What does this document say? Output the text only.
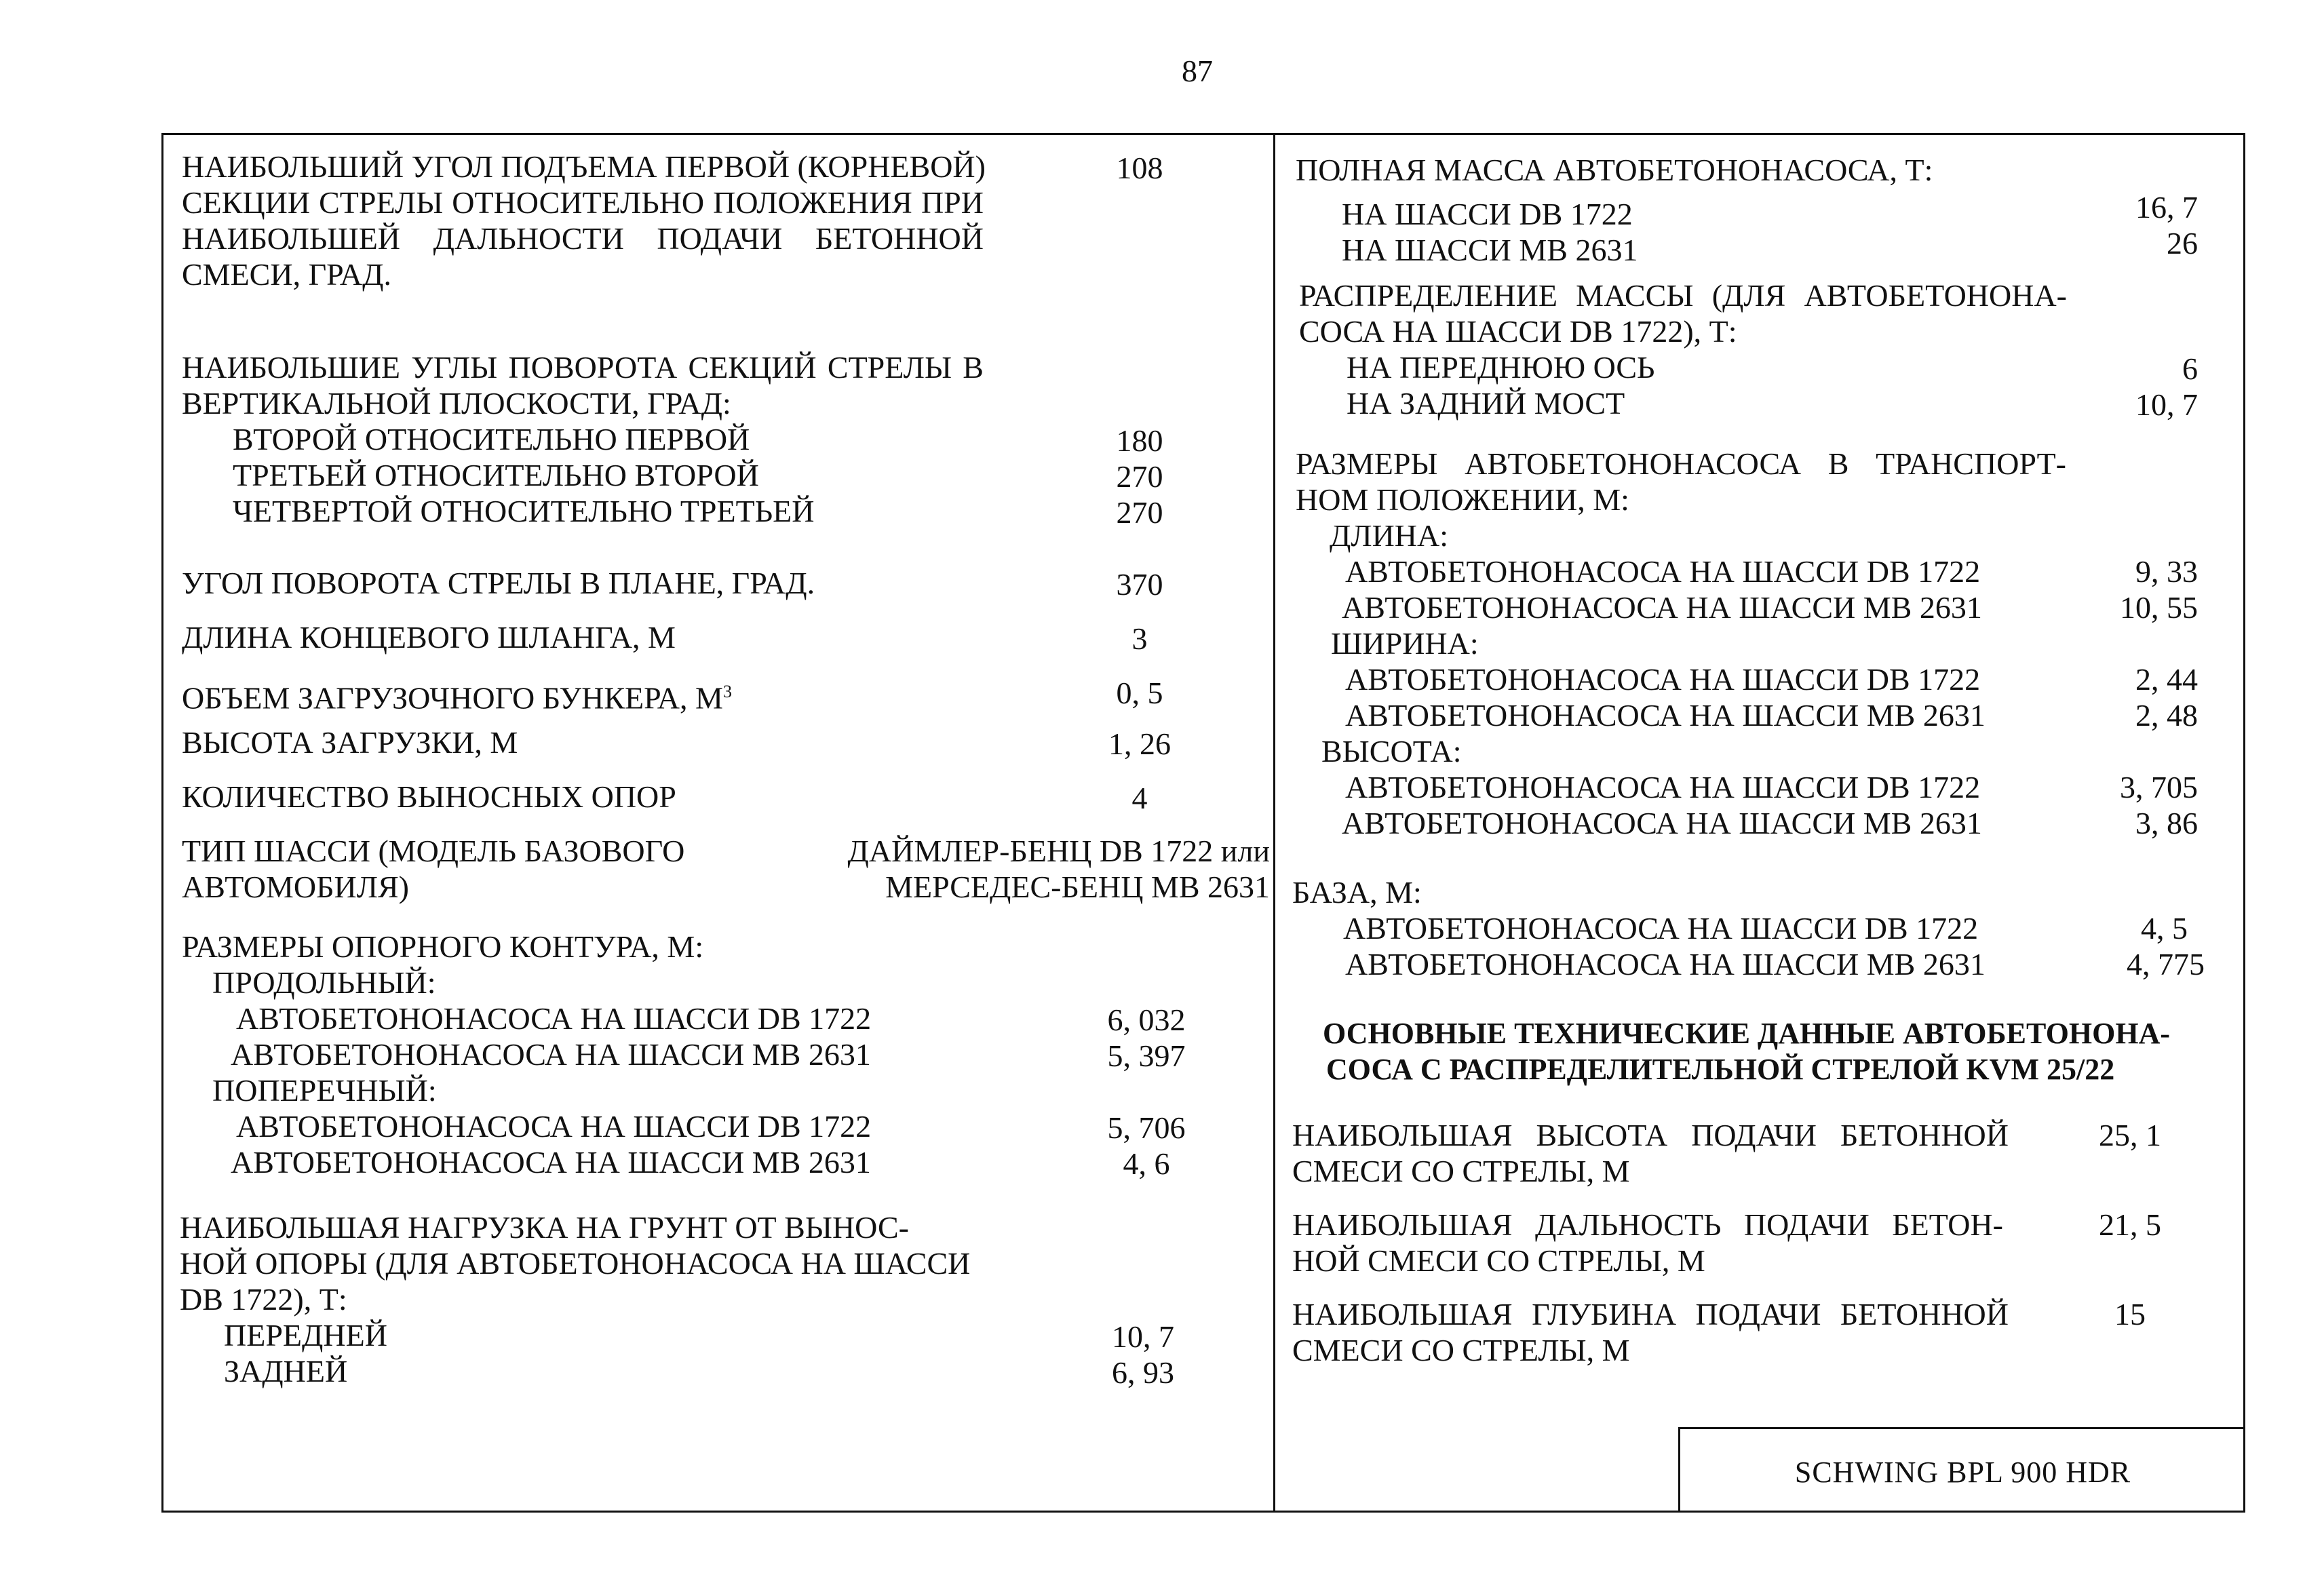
87
НАИБОЛЬШИЙ УГОЛ ПОДЪЕМА ПЕРВОЙ (КОРНЕВОЙ)
СЕКЦИИ СТРЕЛЫ ОТНОСИТЕЛЬНО ПОЛОЖЕНИЯ ПРИ
НАИБОЛЬШЕЙ ДАЛЬНОСТИ ПОДАЧИ БЕТОННОЙ
СМЕСИ, ГРАД.
108
НАИБОЛЬШИЕ УГЛЫ ПОВОРОТА СЕКЦИЙ СТРЕЛЫ В
ВЕРТИКАЛЬНОЙ ПЛОСКОСТИ, ГРАД:
ВТОРОЙ ОТНОСИТЕЛЬНО ПЕРВОЙ	180
ТРЕТЬЕЙ ОТНОСИТЕЛЬНО ВТОРОЙ	270
ЧЕТВЕРТОЙ ОТНОСИТЕЛЬНО ТРЕТЬЕЙ	270
УГОЛ ПОВОРОТА СТРЕЛЫ В ПЛАНЕ, ГРАД.	370
ДЛИНА КОНЦЕВОГО ШЛАНГА, М	3
ОБЪЕМ ЗАГРУЗОЧНОГО БУНКЕРА, $М^3$	0, 5
ВЫСОТА ЗАГРУЗКИ, М	1, 26
КОЛИЧЕСТВО ВЫНОСНЫХ ОПОР	4
ТИП ШАССИ (МОДЕЛЬ БАЗОВОГО
АВТОМОБИЛЯ)
ДАЙМЛЕР-БЕНЦ DB 1722 или
МЕРСЕДЕС-БЕНЦ MB 2631
РАЗМЕРЫ ОПОРНОГО КОНТУРА, М:
ПРОДОЛЬНЫЙ:
АВТОБЕТОНОНАСОСА НА ШАССИ DB 1722	6, 032
АВТОБЕТОНОНАСОСА НА ШАССИ MB 2631	5, 397
ПОПЕРЕЧНЫЙ:
АВТОБЕТОНОНАСОСА НА ШАССИ DB 1722	5, 706
АВТОБЕТОНОНАСОСА НА ШАССИ MB 2631	4, 6
НАИБОЛЬШАЯ НАГРУЗКА НА ГРУНТ ОТ ВЫНОС-
НОЙ ОПОРЫ (ДЛЯ АВТОБЕТОНОНАСОСА НА ШАССИ
DB 1722), Т:
ПЕРЕДНЕЙ	10, 7
ЗАДНЕЙ	6, 93
ПОЛНАЯ МАССА АВТОБЕТОНОНАСОСА, Т:
НА ШАССИ DB 1722	16, 7
НА ШАССИ MB 2631	26
РАСПРЕДЕЛЕНИЕ МАССЫ (ДЛЯ АВТОБЕТОНОНА-
СОСА НА ШАССИ DB 1722), Т:
НА ПЕРЕДНЮЮ ОСЬ	6
НА ЗАДНИЙ МОСТ	10, 7
РАЗМЕРЫ АВТОБЕТОНОНАСОСА В ТРАНСПОРТ-
НОМ ПОЛОЖЕНИИ, М:
ДЛИНА:
АВТОБЕТОНОНАСОСА НА ШАССИ DB 1722	9, 33
АВТОБЕТОНОНАСОСА НА ШАССИ MB 2631	10, 55
ШИРИНА:
АВТОБЕТОНОНАСОСА НА ШАССИ DB 1722	2, 44
АВТОБЕТОНОНАСОСА НА ШАССИ MB 2631	2, 48
ВЫСОТА:
АВТОБЕТОНОНАСОСА НА ШАССИ DB 1722	3, 705
АВТОБЕТОНОНАСОСА НА ШАССИ MB 2631	3, 86
БАЗА, М:
АВТОБЕТОНОНАСОСА НА ШАССИ DB 1722	4, 5
АВТОБЕТОНОНАСОСА НА ШАССИ MB 2631	4, 775
ОСНОВНЫЕ ТЕХНИЧЕСКИЕ ДАННЫЕ АВТОБЕТОНОНА-
СОСА С РАСПРЕДЕЛИТЕЛЬНОЙ СТРЕЛОЙ KVM 25/22
НАИБОЛЬШАЯ ВЫСОТА ПОДАЧИ БЕТОННОЙ
СМЕСИ СО СТРЕЛЫ, М
25, 1
НАИБОЛЬШАЯ ДАЛЬНОСТЬ ПОДАЧИ БЕТОН-
НОЙ СМЕСИ СО СТРЕЛЫ, М
21, 5
НАИБОЛЬШАЯ ГЛУБИНА ПОДАЧИ БЕТОННОЙ
СМЕСИ СО СТРЕЛЫ, М
15
SCHWING BPL 900 HDR
